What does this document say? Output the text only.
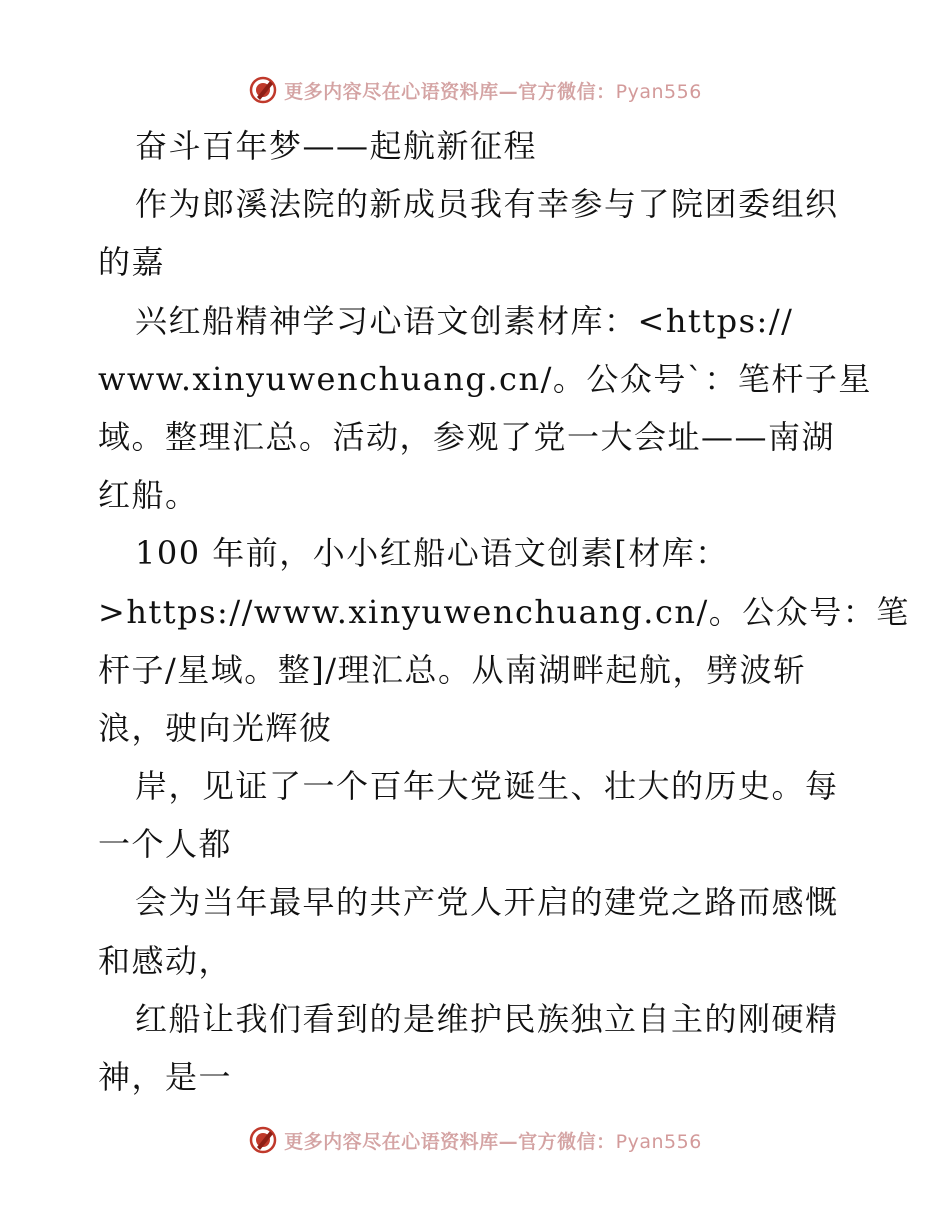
更多内容尽在心语资料库—官方微信：Pyan556
奋斗百年梦——起航新征程
作为郎溪法院的新成员我有幸参与了院团委组织
的嘉
兴红船精神学习心语文创素材库：<https://
www.xinyuwenchuang.cn/。公众号`：笔杆子星
域。整理汇总。活动，参观了党一大会址——南湖
红船。
100 年前，小小红船心语文创素[材库：
>https://www.xinyuwenchuang.cn/。公众号：笔
杆子/星域。整]/理汇总。从南湖畔起航，劈波斩
浪，驶向光辉彼
岸，见证了一个百年大党诞生、壮大的历史。每
一个人都
会为当年最早的共产党人开启的建党之路而感慨
和感动，
红船让我们看到的是维护民族独立自主的刚硬精
神，是一
更多内容尽在心语资料库—官方微信：Pyan556
